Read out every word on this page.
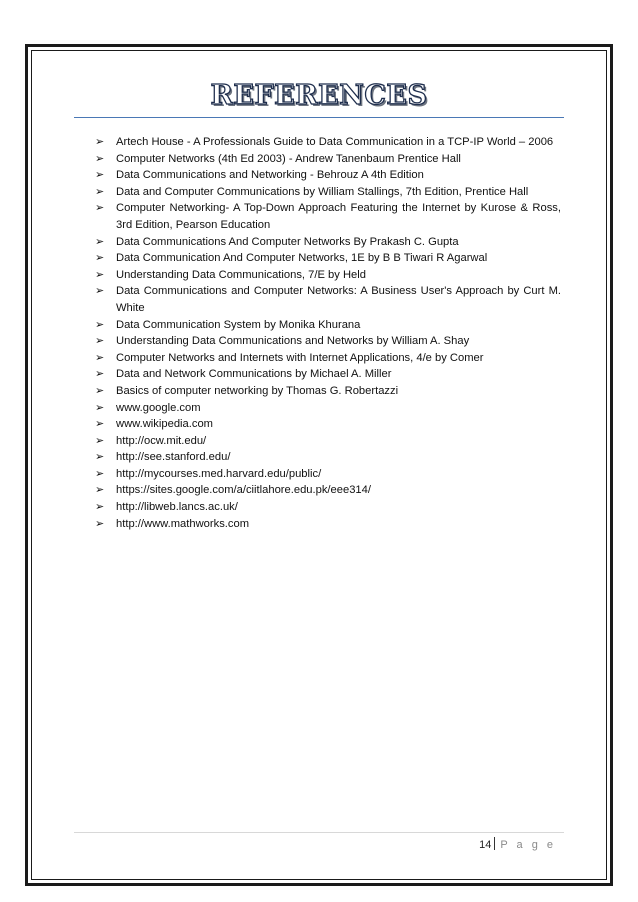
REFERENCES
➢ Artech House - A Professionals Guide to Data Communication in a TCP-IP World – 2006
➢ Computer Networks (4th Ed 2003) - Andrew Tanenbaum Prentice Hall
➢ Data Communications and Networking - Behrouz A 4th Edition
➢ Data and Computer Communications by William Stallings, 7th Edition, Prentice Hall
➢ Computer Networking- A Top-Down Approach Featuring the Internet by Kurose & Ross, 3rd Edition, Pearson Education
➢ Data Communications And Computer Networks By Prakash C. Gupta
➢ Data Communication And Computer Networks, 1E by B B Tiwari R Agarwal
➢ Understanding Data Communications, 7/E by Held
➢ Data Communications and Computer Networks: A Business User's Approach by Curt M. White
➢ Data Communication System by Monika Khurana
➢ Understanding Data Communications and Networks by William A. Shay
➢ Computer Networks and Internets with Internet Applications, 4/e by Comer
➢ Data and Network Communications by Michael A. Miller
➢ Basics of computer networking by Thomas G. Robertazzi
➢ www.google.com
➢ www.wikipedia.com
➢ http://ocw.mit.edu/
➢ http://see.stanford.edu/
➢ http://mycourses.med.harvard.edu/public/
➢ https://sites.google.com/a/ciitlahore.edu.pk/eee314/
➢ http://libweb.lancs.ac.uk/
➢ http://www.mathworks.com
14 P a g e
